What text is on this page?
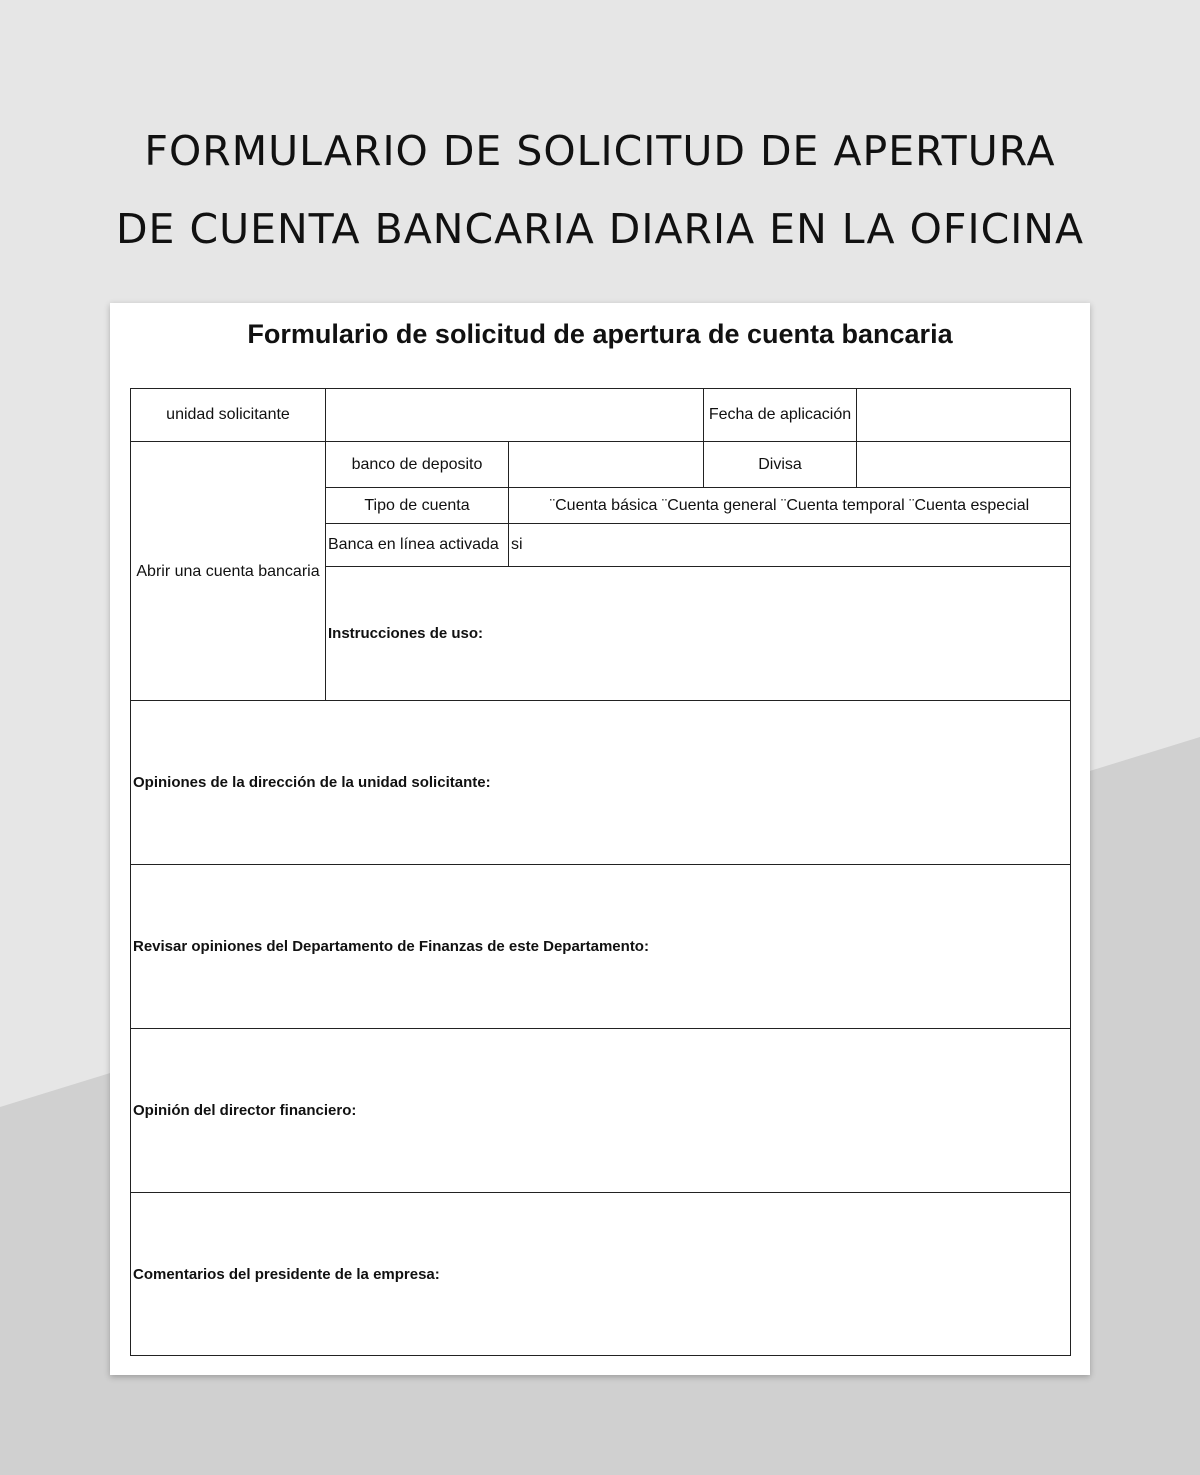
FORMULARIO DE SOLICITUD DE APERTURA
DE CUENTA BANCARIA DIARIA EN LA OFICINA
Formulario de solicitud de apertura de cuenta bancaria
unidad solicitante			Fecha de aplicación	
Abrir una cuenta bancaria	banco de deposito		Divisa	
	Tipo de cuenta	¨Cuenta básica ¨Cuenta general ¨Cuenta temporal ¨Cuenta especial		
	Banca en línea activada	si		
	Instrucciones de uso:			
Opiniones de la dirección de la unidad solicitante:				
Revisar opiniones del Departamento de Finanzas de este Departamento:				
Opinión del director financiero:				
Comentarios del presidente de la empresa:				
